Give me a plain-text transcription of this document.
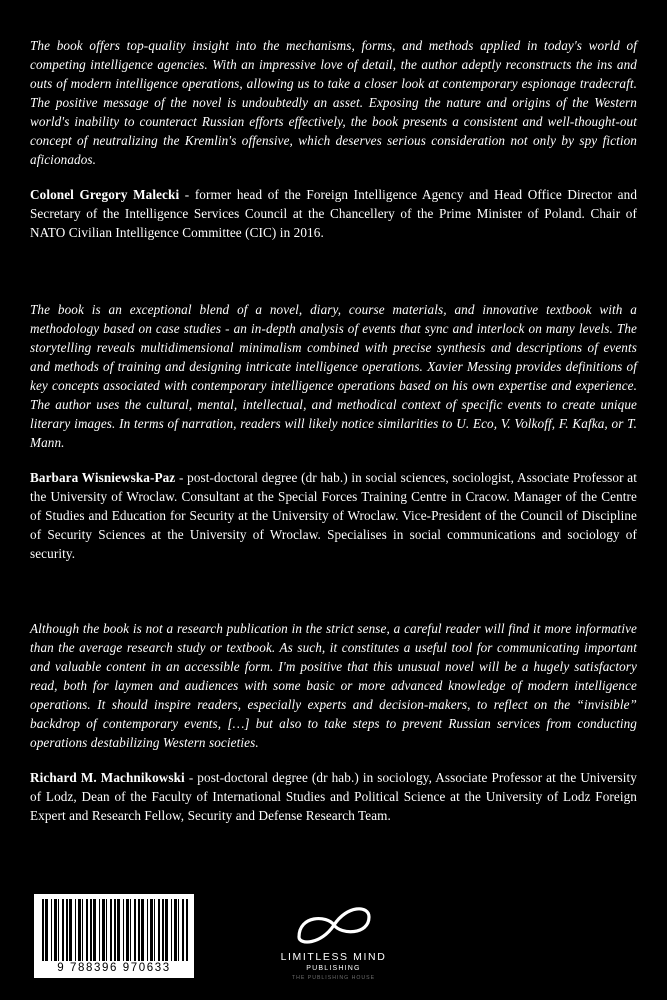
The book offers top-quality insight into the mechanisms, forms, and methods applied in today's world of competing intelligence agencies. With an impressive love of detail, the author adeptly reconstructs the ins and outs of modern intelligence operations, allowing us to take a closer look at contemporary espionage tradecraft. The positive message of the novel is undoubtedly an asset. Exposing the nature and origins of the Western world's inability to counteract Russian efforts effectively, the book presents a consistent and well-thought-out concept of neutralizing the Kremlin's offensive, which deserves serious consideration not only by spy fiction aficionados.

Colonel Gregory Malecki - former head of the Foreign Intelligence Agency and Head Office Director and Secretary of the Intelligence Services Council at the Chancellery of the Prime Minister of Poland. Chair of NATO Civilian Intelligence Committee (CIC) in 2016.

The book is an exceptional blend of a novel, diary, course materials, and innovative textbook with a methodology based on case studies - an in-depth analysis of events that sync and interlock on many levels. The storytelling reveals multidimensional minimalism combined with precise synthesis and descriptions of events and methods of training and designing intricate intelligence operations. Xavier Messing provides definitions of key concepts associated with contemporary intelligence operations based on his own expertise and experience. The author uses the cultural, mental, intellectual, and methodical context of specific events to create unique literary images. In terms of narration, readers will likely notice similarities to U. Eco, V. Volkoff, F. Kafka, or T. Mann.

Barbara Wisniewska-Paz - post-doctoral degree (dr hab.) in social sciences, sociologist, Associate Professor at the University of Wroclaw. Consultant at the Special Forces Training Centre in Cracow. Manager of the Centre of Studies and Education for Security at the University of Wroclaw. Vice-President of the Council of Discipline of Security Sciences at the University of Wroclaw. Specialises in social communications and sociology of security.

Although the book is not a research publication in the strict sense, a careful reader will find it more informative than the average research study or textbook. As such, it constitutes a useful tool for communicating important and valuable content in an accessible form. I'm positive that this unusual novel will be a hugely satisfactory read, both for laymen and audiences with some basic or more advanced knowledge of modern intelligence operations. It should inspire readers, especially experts and decision-makers, to reflect on the “invisible” backdrop of contemporary events, […] but also to take steps to prevent Russian services from conducting operations destabilizing Western societies.

Richard M. Machnikowski - post-doctoral degree (dr hab.) in sociology, Associate Professor at the University of Lodz, Dean of the Faculty of International Studies and Political Science at the University of Lodz Foreign Expert and Research Fellow, Security and Defense Research Team.

9 788396 970633
LIMITLESS MIND
PUBLISHING
THE PUBLISHING HOUSE
